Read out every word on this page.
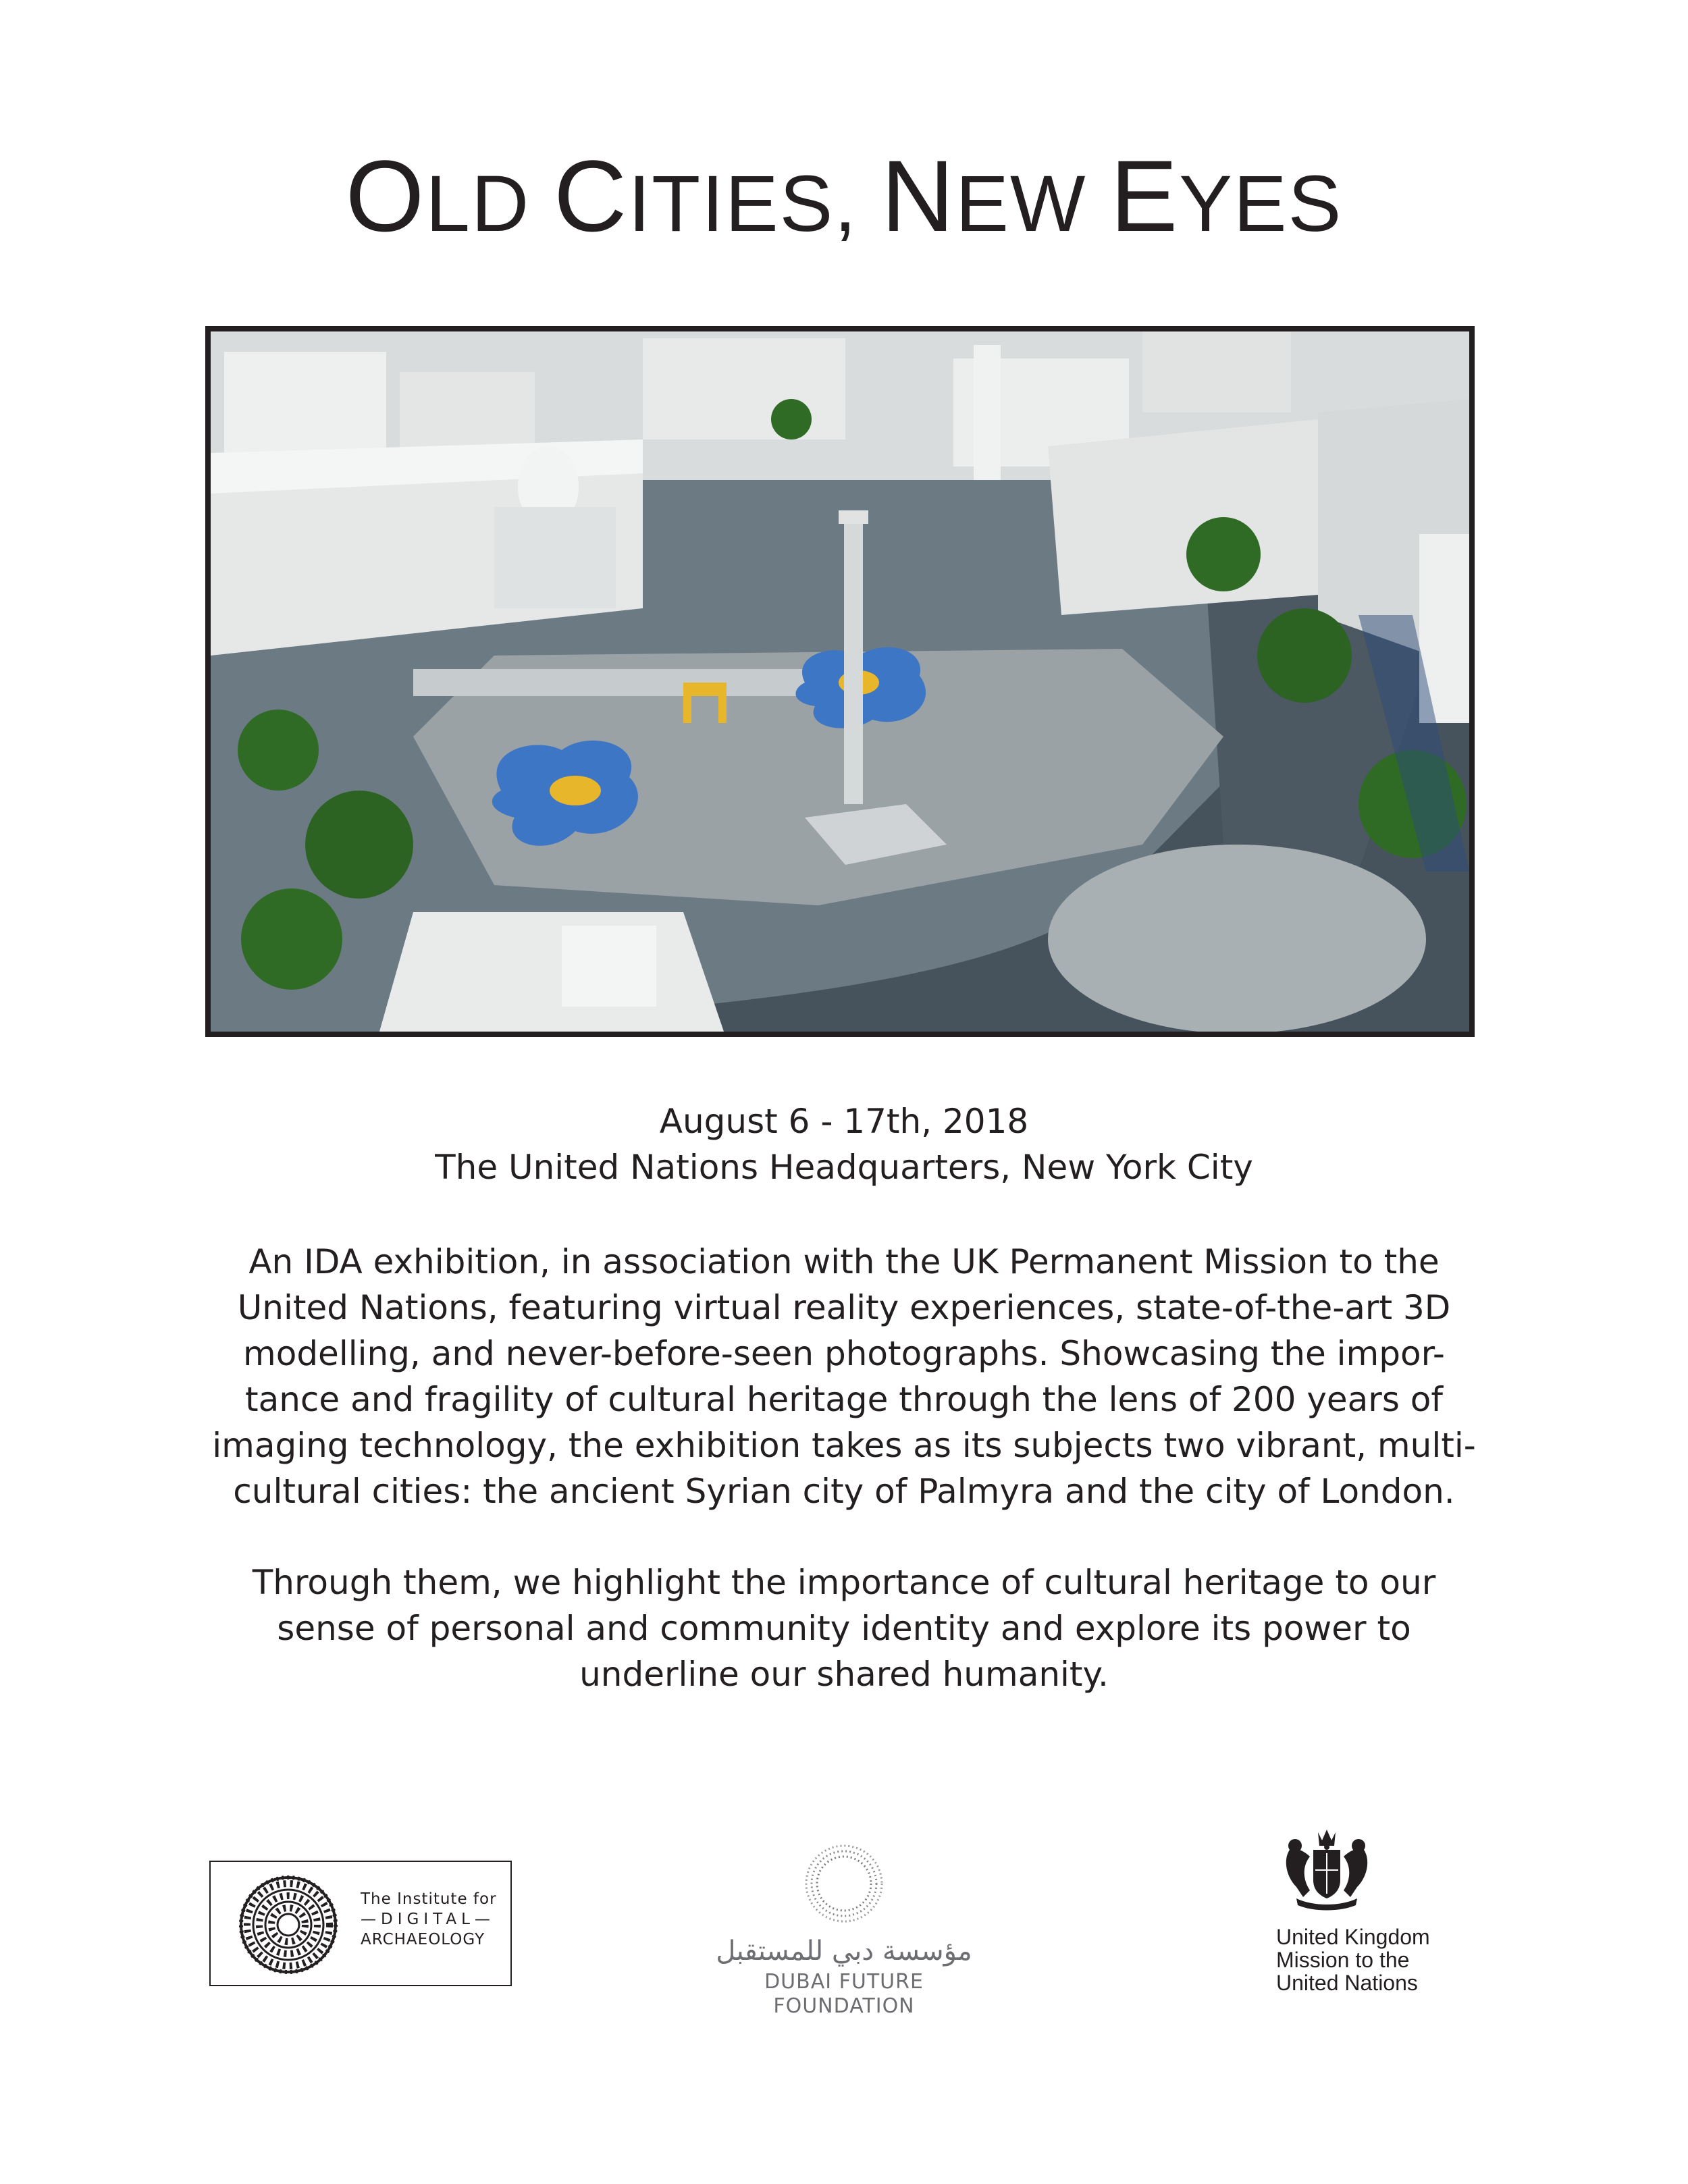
OLD CITIES, NEW EYES
August 6 - 17th, 2018
The United Nations Headquarters, New York City
An IDA exhibition, in association with the UK Permanent Mission to the
United Nations, featuring virtual reality experiences, state-of-the-art 3D
modelling, and never-before-seen photographs. Showcasing the impor-
tance and fragility of cultural heritage through the lens of 200 years of
imaging technology, the exhibition takes as its subjects two vibrant, multi-
cultural cities: the ancient Syrian city of Palmyra and the city of London.
Through them, we highlight the importance of cultural heritage to our
sense of personal and community identity and explore its power to
underline our shared humanity.
The Institute for
—DIGITAL—
ARCHAEOLOGY	مؤسسة دبي للمستقبل
DUBAI FUTURE FOUNDATION
United Kingdom
Mission to the
United Nations
